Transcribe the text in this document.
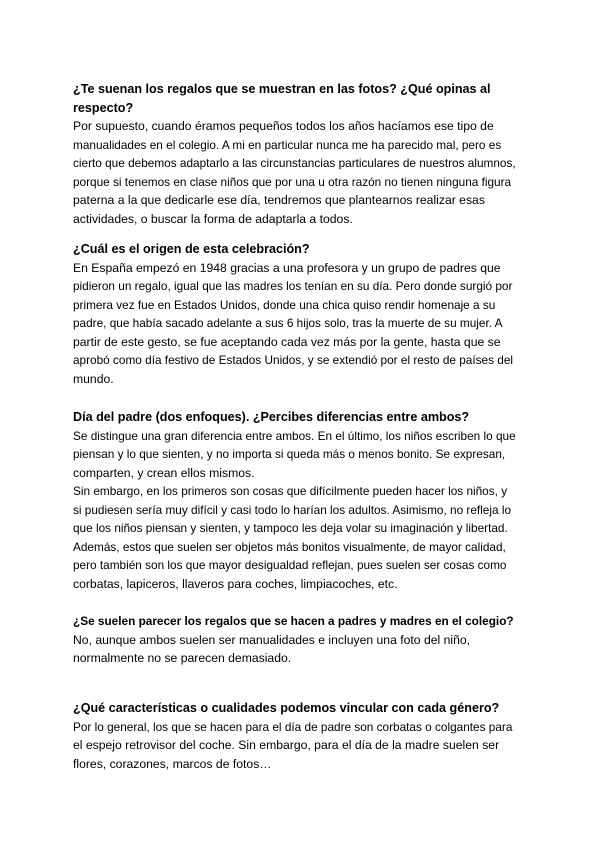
¿Te suenan los regalos que se muestran en las fotos? ¿Qué opinas al
respecto?
Por supuesto, cuando éramos pequeños todos los años hacíamos ese tipo de
manualidades en el colegio. A mi en particular nunca me ha parecido mal, pero es
cierto que debemos adaptarlo a las circunstancias particulares de nuestros alumnos,
porque si tenemos en clase niños que por una u otra razón no tienen ninguna figura
paterna a la que dedicarle ese día, tendremos que plantearnos realizar esas
actividades, o buscar la forma de adaptarla a todos.
¿Cuál es el origen de esta celebración?
En España empezó en 1948 gracias a una profesora y un grupo de padres que
pidieron un regalo, igual que las madres los tenían en su día. Pero donde surgió por
primera vez fue en Estados Unidos, donde una chica quiso rendir homenaje a su
padre, que había sacado adelante a sus 6 hijos solo, tras la muerte de su mujer. A
partir de este gesto, se fue aceptando cada vez más por la gente, hasta que se
aprobó como día festivo de Estados Unidos, y se extendió por el resto de países del
mundo.
Día del padre (dos enfoques). ¿Percibes diferencias entre ambos?
Se distingue una gran diferencia entre ambos. En el último, los niños escriben lo que
piensan y lo que sienten, y no importa si queda más o menos bonito. Se expresan,
comparten, y crean ellos mismos.
Sin embargo, en los primeros son cosas que difícilmente pueden hacer los niños, y
si pudiesen sería muy difícil y casi todo lo harían los adultos. Asimismo, no refleja lo
que los niños piensan y sienten, y tampoco les deja volar su imaginación y libertad.
Además, estos que suelen ser objetos más bonitos visualmente, de mayor calidad,
pero también son los que mayor desigualdad reflejan, pues suelen ser cosas como
corbatas, lapiceros, llaveros para coches, limpiacoches, etc.
¿Se suelen parecer los regalos que se hacen a padres y madres en el colegio?
No, aunque ambos suelen ser manualidades e incluyen una foto del niño,
normalmente no se parecen demasiado.
¿Qué características o cualidades podemos vincular con cada género?
Por lo general, los que se hacen para el día de padre son corbatas o colgantes para
el espejo retrovisor del coche. Sin embargo, para el día de la madre suelen ser
flores, corazones, marcos de fotos…
